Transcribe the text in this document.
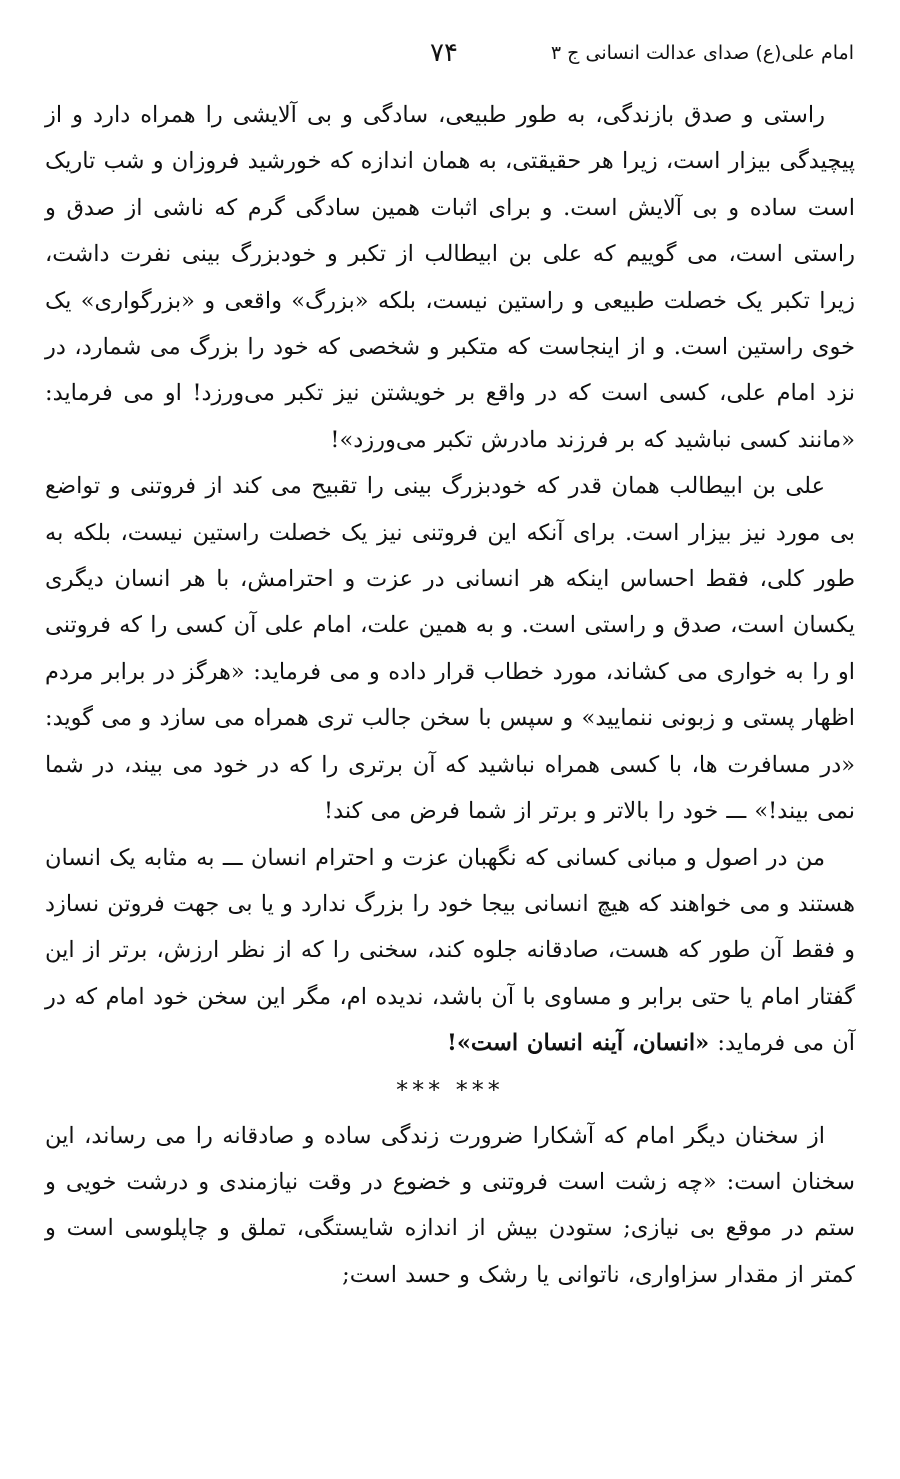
امام علی(ع) صدای عدالت انسانی ج ۳
۷۴

راستی و صدق بازندگی، به طور طبیعی، سادگی و بی آلایشی را همراه دارد و از پیچیدگی بیزار است، زیرا هر حقیقتی، به همان اندازه که خورشید فروزان و شب تاریک است ساده و بی آلایش است. و برای اثبات همین سادگی گرم که ناشی از صدق و راستی است، می گوییم که علی بن ابیطالب از تکبر و خودبزرگ بینی نفرت داشت، زیرا تکبر یک خصلت طبیعی و راستین نیست، بلکه «بزرگ» واقعی و «بزرگواری» یک خوی راستین است. و از اینجاست که متکبر و شخصی که خود را بزرگ می شمارد، در نزد امام علی، کسی است که در واقع بر خویشتن نیز تکبر می‌ورزد! او می فرماید: «مانند کسی نباشید که بر فرزند مادرش تکبر می‌ورزد»!

علی بن ابیطالب همان قدر که خودبزرگ بینی را تقبیح می کند از فروتنی و تواضع بی مورد نیز بیزار است. برای آنکه این فروتنی نیز یک خصلت راستین نیست، بلکه به طور کلی، فقط احساس اینکه هر انسانی در عزت و احترامش، با هر انسان دیگری یکسان است، صدق و راستی است. و به همین علت، امام علی آن کسی را که فروتنی او را به خواری می کشاند، مورد خطاب قرار داده و می فرماید: «هرگز در برابر مردم اظهار پستی و زبونی ننمایید» و سپس با سخن جالب تری همراه می سازد و می گوید: «در مسافرت ها، با کسی همراه نباشید که آن برتری را که در خود می بیند، در شما نمی بیند!» ـــ خود را بالاتر و برتر از شما فرض می کند!

من در اصول و مبانی کسانی که نگهبان عزت و احترام انسان ـــ به مثابه یک انسان هستند و می خواهند که هیچ انسانی بیجا خود را بزرگ ندارد و یا بی جهت فروتن نسازد و فقط آن طور که هست، صادقانه جلوه کند، سخنی را که از نظر ارزش، برتر از این گفتار امام یا حتی برابر و مساوی با آن باشد، ندیده ام، مگر این سخن خود امام که در آن می فرماید: «انسان، آینه انسان است»!

*** ***

از سخنان دیگر امام که آشکارا ضرورت زندگی ساده و صادقانه را می رساند، این سخنان است: «چه زشت است فروتنی و خضوع در وقت نیازمندی و درشت خویی و ستم در موقع بی نیازی; ستودن بیش از اندازه شایستگی، تملق و چاپلوسی است و کمتر از مقدار سزاواری، ناتوانی یا رشک و حسد است;
